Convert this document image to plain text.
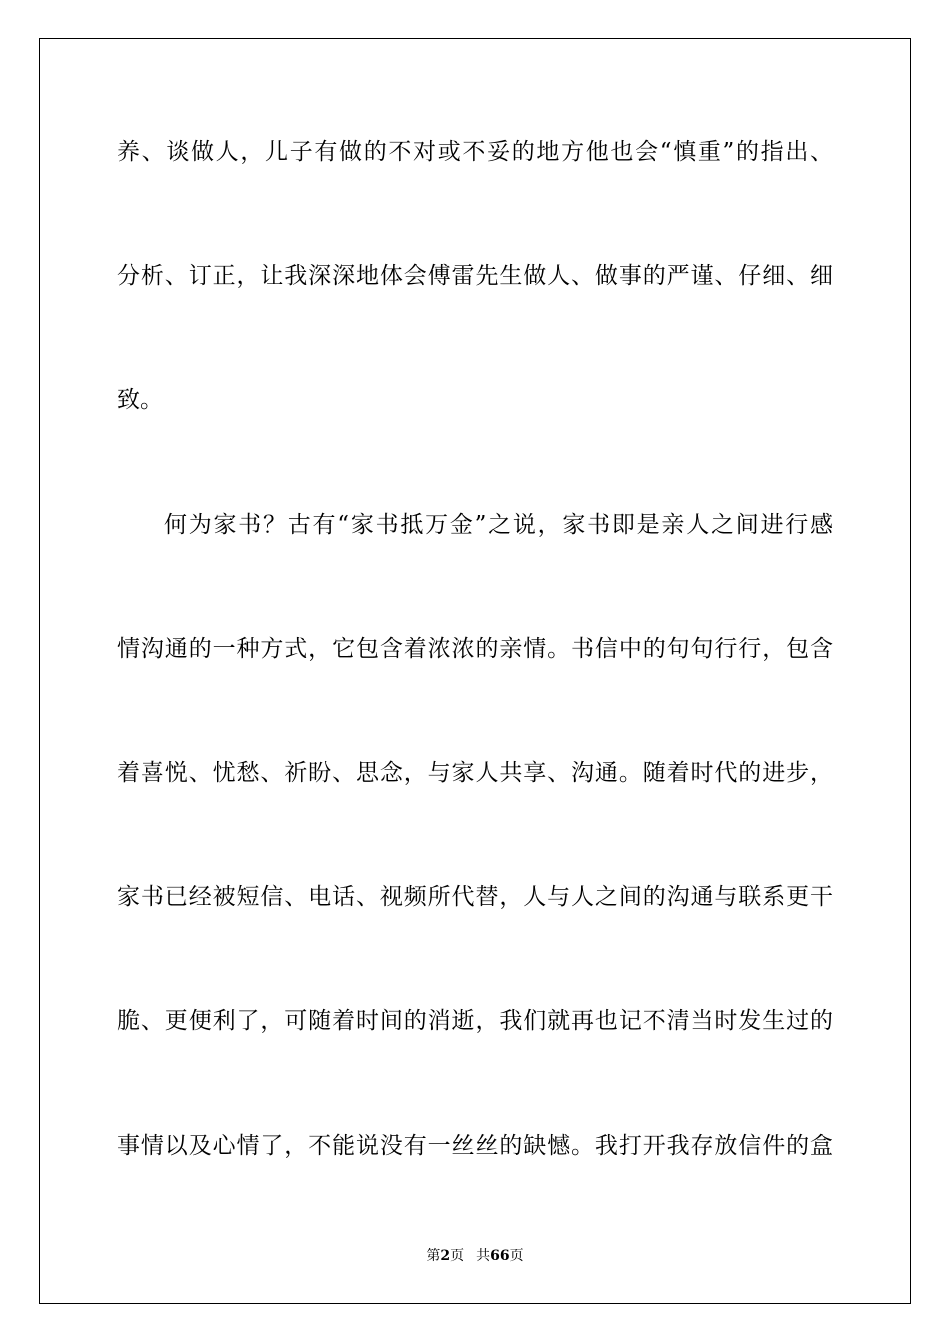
养、谈做人，儿子有做的不对或不妥的地方他也会“慎重”的指出、
分析、订正，让我深深地体会傅雷先生做人、做事的严谨、仔细、细
致。
何为家书？古有“家书抵万金”之说，家书即是亲人之间进行感
情沟通的一种方式，它包含着浓浓的亲情。书信中的句句行行，包含
着喜悦、忧愁、祈盼、思念，与家人共享、沟通。随着时代的进步，
家书已经被短信、电话、视频所代替，人与人之间的沟通与联系更干
脆、更便利了，可随着时间的消逝，我们就再也记不清当时发生过的
事情以及心情了，不能说没有一丝丝的缺憾。我打开我存放信件的盒
第2页 共66页
